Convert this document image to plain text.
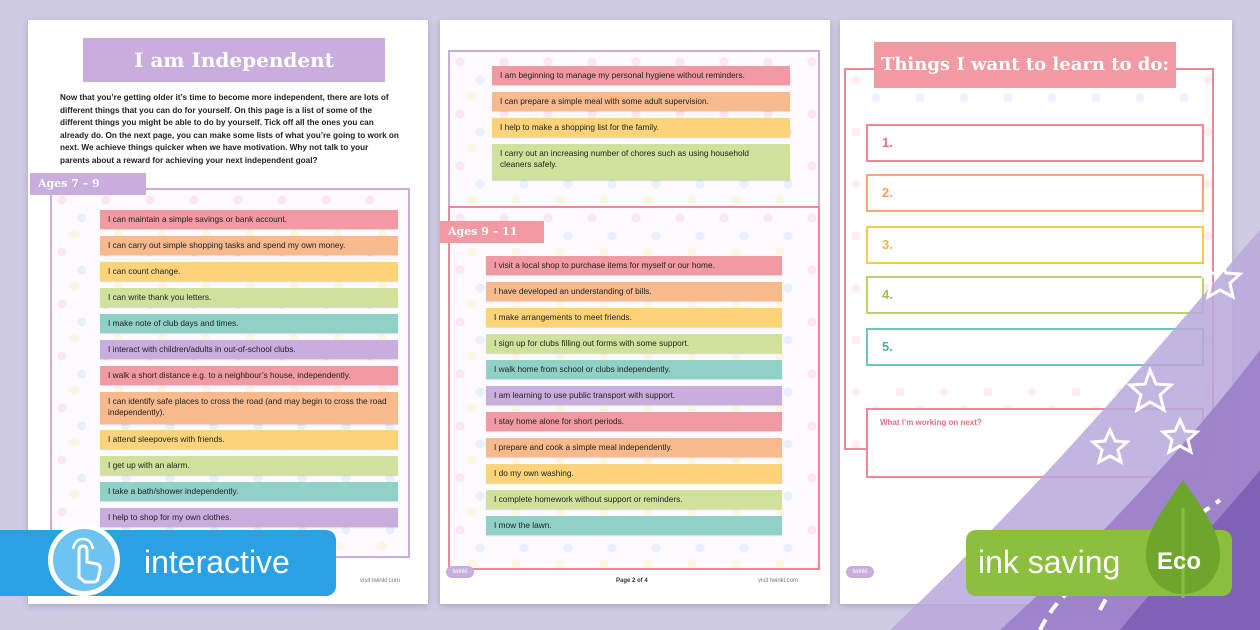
I am Independent
Now that you’re getting older it’s time to become more independent, there are lots of different things that you can do for yourself. On this page is a list of some of the different things you might be able to do by yourself. Tick off all the ones you can already do. On the next page, you can make some lists of what you’re going to work on next. We achieve things quicker when we have motivation. Why not talk to your parents about a reward for achieving your next independent goal?
Ages 7 – 9
I can maintain a simple savings or bank account.
I can carry out simple shopping tasks and spend my own money.
I can count change.
I can write thank you letters.
I make note of club days and times.
I interact with children/adults in out-of-school clubs.
I walk a short distance e.g. to a neighbour’s house, independently.
I can identify safe places to cross the road (and may begin to cross the road independently).
I attend sleepovers with friends.
I get up with an alarm.
I take a bath/shower independently.
I help to shop for my own clothes.
visit twinkl.com
I am beginning to manage my personal hygiene without reminders.
I can prepare a simple meal with some adult supervision.
I help to make a shopping list for the family.
I carry out an increasing number of chores such as using household cleaners safely.
Ages 9 – 11
I visit a local shop to purchase items for myself or our home.
I have developed an understanding of bills.
I make arrangements to meet friends.
I sign up for clubs filling out forms with some support.
I walk home from school or clubs independently.
I am learning to use public transport with support.
I stay home alone for short periods.
I prepare and cook a simple meal independently.
I do my own washing.
I complete homework without support or reminders.
I mow the lawn.
twinkl
Page 2 of 4	visit twinkl.com
1.
2.
3.
4.
5.
What I’m working on next?
Things I want to learn to do:
twinkl
interactive	ink saving Eco
